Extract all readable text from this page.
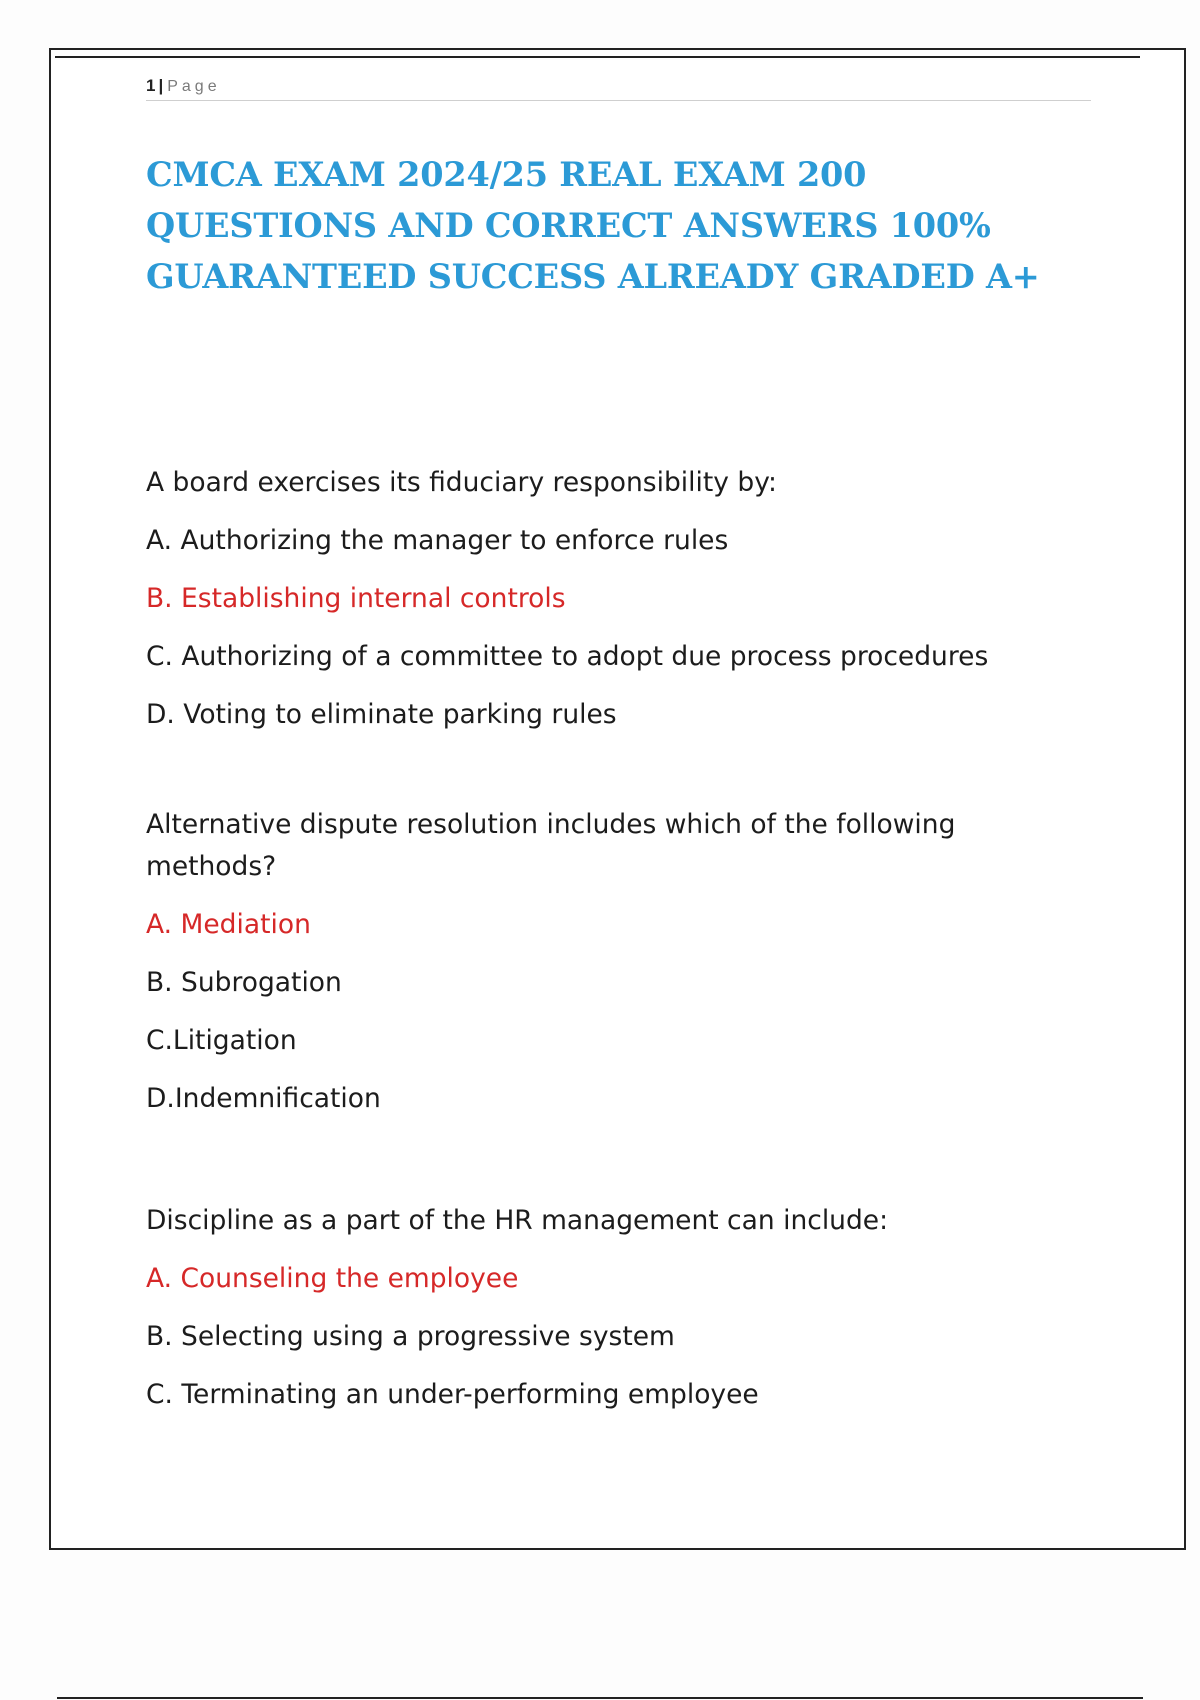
1 | Page
CMCA EXAM 2024/25 REAL EXAM 200 QUESTIONS AND CORRECT ANSWERS 100% GUARANTEED SUCCESS ALREADY GRADED A+

A board exercises its fiduciary responsibility by:

A. Authorizing the manager to enforce rules

B. Establishing internal controls

C. Authorizing of a committee to adopt due process procedures

D. Voting to eliminate parking rules

Alternative dispute resolution includes which of the following methods?

A. Mediation

B. Subrogation

C.Litigation

D.Indemnification

Discipline as a part of the HR management can include:

A. Counseling the employee

B. Selecting using a progressive system

C. Terminating an under-performing employee
